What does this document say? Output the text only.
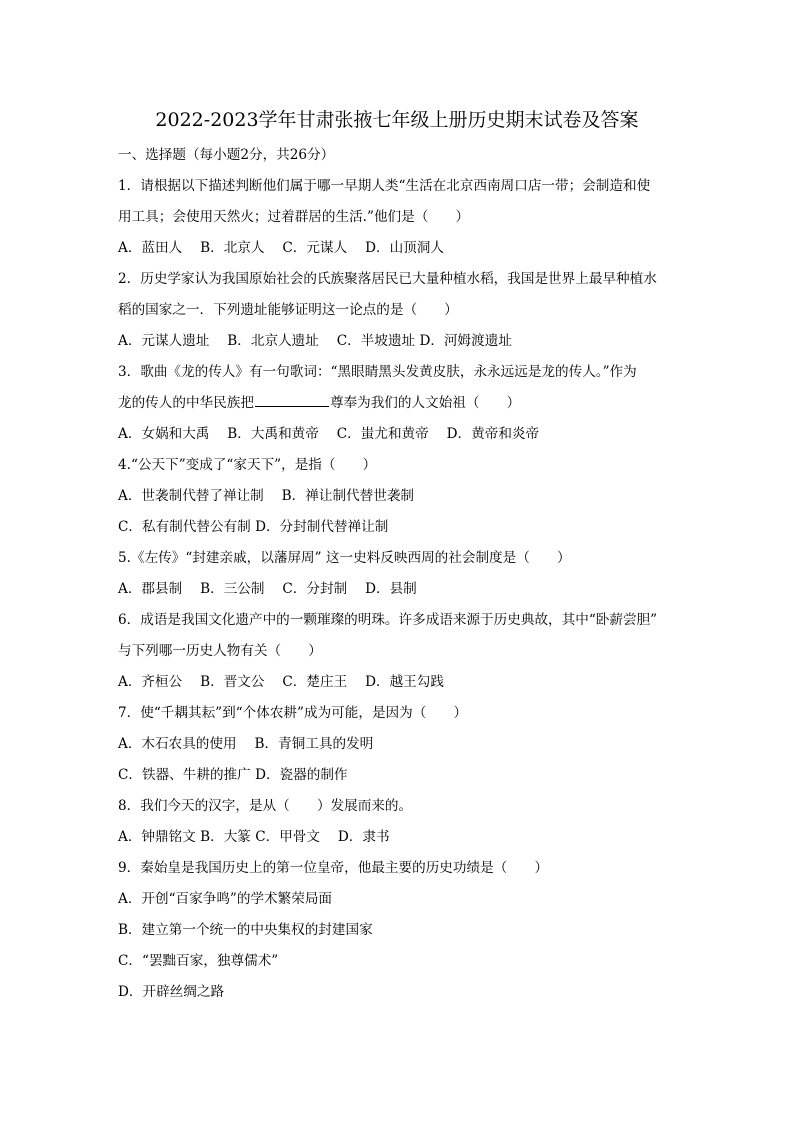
2022-2023学年甘肃张掖七年级上册历史期末试卷及答案

一、选择题（每小题2分，共26分）

1．请根据以下描述判断他们属于哪一早期人类“生活在北京西南周口店一带；会制造和使

用工具；会使用天然火；过着群居的生活.”他们是（　　）

A．蓝田人　 B．北京人　 C．元谋人　 D．山顶洞人

2．历史学家认为我国原始社会的氏族聚落居民已大量种植水稻，我国是世界上最早种植水

稻的国家之一．下列遗址能够证明这一论点的是（　　）

A．元谋人遗址　 B．北京人遗址　 C．半坡遗址 D．河姆渡遗址

3．歌曲《龙的传人》有一句歌词：“黑眼睛黑头发黄皮肤，永永远远是龙的传人。”作为

龙的传人的中华民族把	尊奉为我们的人文始祖（　　）

A．女娲和大禹　 B．大禹和黄帝　 C．蚩尤和黄帝　 D．黄帝和炎帝

4.“公天下”变成了“家天下”，是指（　　）

A．世袭制代替了禅让制　 B．禅让制代替世袭制

C．私有制代替公有制 D．分封制代替禅让制

5.《左传》“封建亲戚，以藩屏周” 这一史料反映西周的社会制度是（　　）

A．郡县制　 B．三公制　 C．分封制　 D．县制

6．成语是我国文化遗产中的一颗璀璨的明珠。许多成语来源于历史典故，其中“卧薪尝胆”

与下列哪一历史人物有关（　　）

A．齐桓公　 B．晋文公　 C．楚庄王　 D．越王勾践

7．使“千耦其耘”到“个体农耕”成为可能，是因为（　　）

A．木石农具的使用　 B．青铜工具的发明

C．铁器、牛耕的推广 D．瓷器的制作

8．我们今天的汉字，是从（　　）发展而来的。

A．钟鼎铭文 B．大篆 C．甲骨文　 D．隶书

9．秦始皇是我国历史上的第一位皇帝，他最主要的历史功绩是（　　）

A．开创“百家争鸣”的学术繁荣局面

B．建立第一个统一的中央集权的封建国家

C．“罢黜百家，独尊儒术”

D．开辟丝绸之路
